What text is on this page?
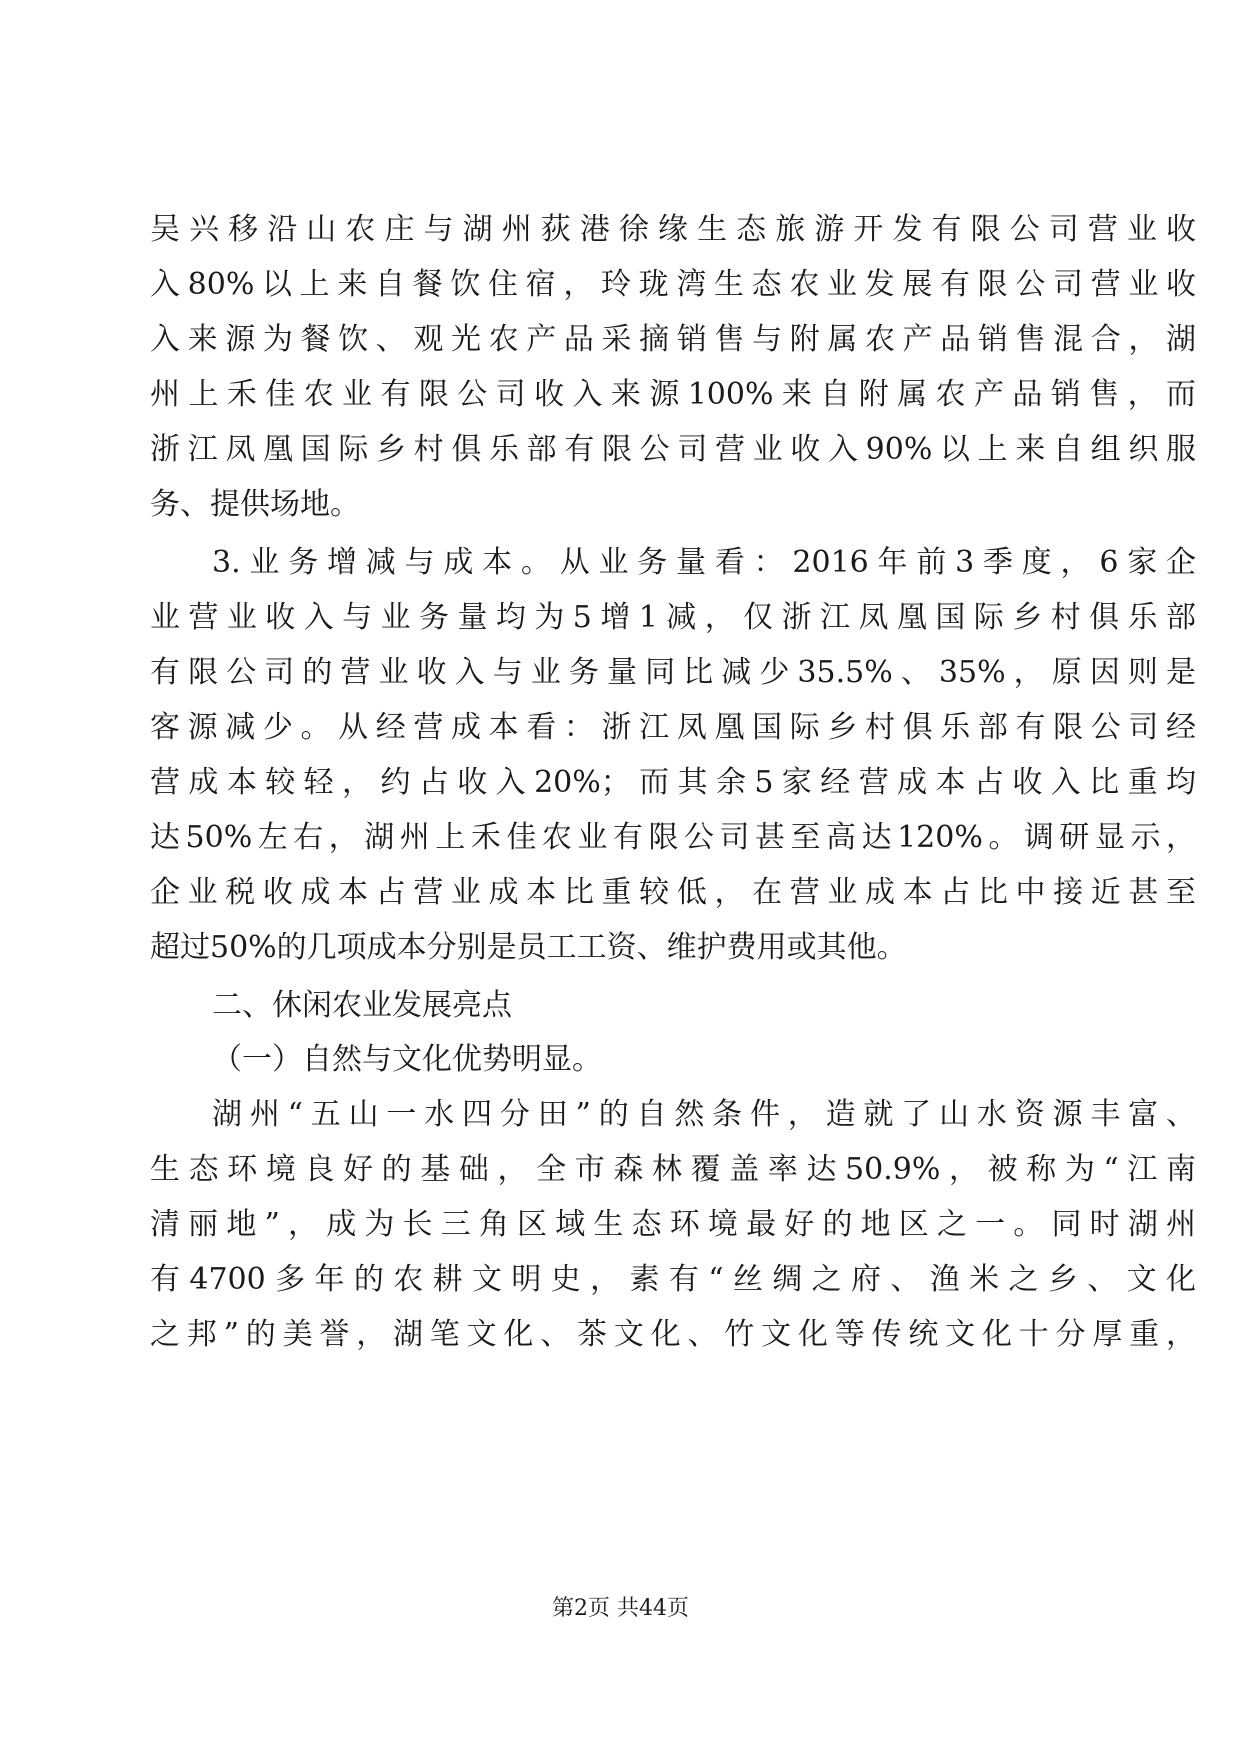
吴兴移沿山农庄与湖州荻港徐缘生态旅游开发有限公司营业收
入80%以上来自餐饮住宿，玲珑湾生态农业发展有限公司营业收
入来源为餐饮、观光农产品采摘销售与附属农产品销售混合，湖
州上禾佳农业有限公司收入来源100%来自附属农产品销售，而
浙江凤凰国际乡村俱乐部有限公司营业收入90%以上来自组织服
务、提供场地。
3.业务增减与成本。从业务量看：2016年前3季度，6家企
业营业收入与业务量均为5增1减，仅浙江凤凰国际乡村俱乐部
有限公司的营业收入与业务量同比减少35.5%、35%，原因则是
客源减少。从经营成本看：浙江凤凰国际乡村俱乐部有限公司经
营成本较轻，约占收入20%；而其余5家经营成本占收入比重均
达50%左右，湖州上禾佳农业有限公司甚至高达120%。调研显示，
企业税收成本占营业成本比重较低，在营业成本占比中接近甚至
超过50%的几项成本分别是员工工资、维护费用或其他。
二、休闲农业发展亮点
（一）自然与文化优势明显。
湖州“五山一水四分田”的自然条件，造就了山水资源丰富、
生态环境良好的基础，全市森林覆盖率达50.9%，被称为“江南
清丽地”，成为长三角区域生态环境最好的地区之一。同时湖州
有4700多年的农耕文明史，素有“丝绸之府、渔米之乡、文化
之邦”的美誉，湖笔文化、茶文化、竹文化等传统文化十分厚重，
第2页 共44页
